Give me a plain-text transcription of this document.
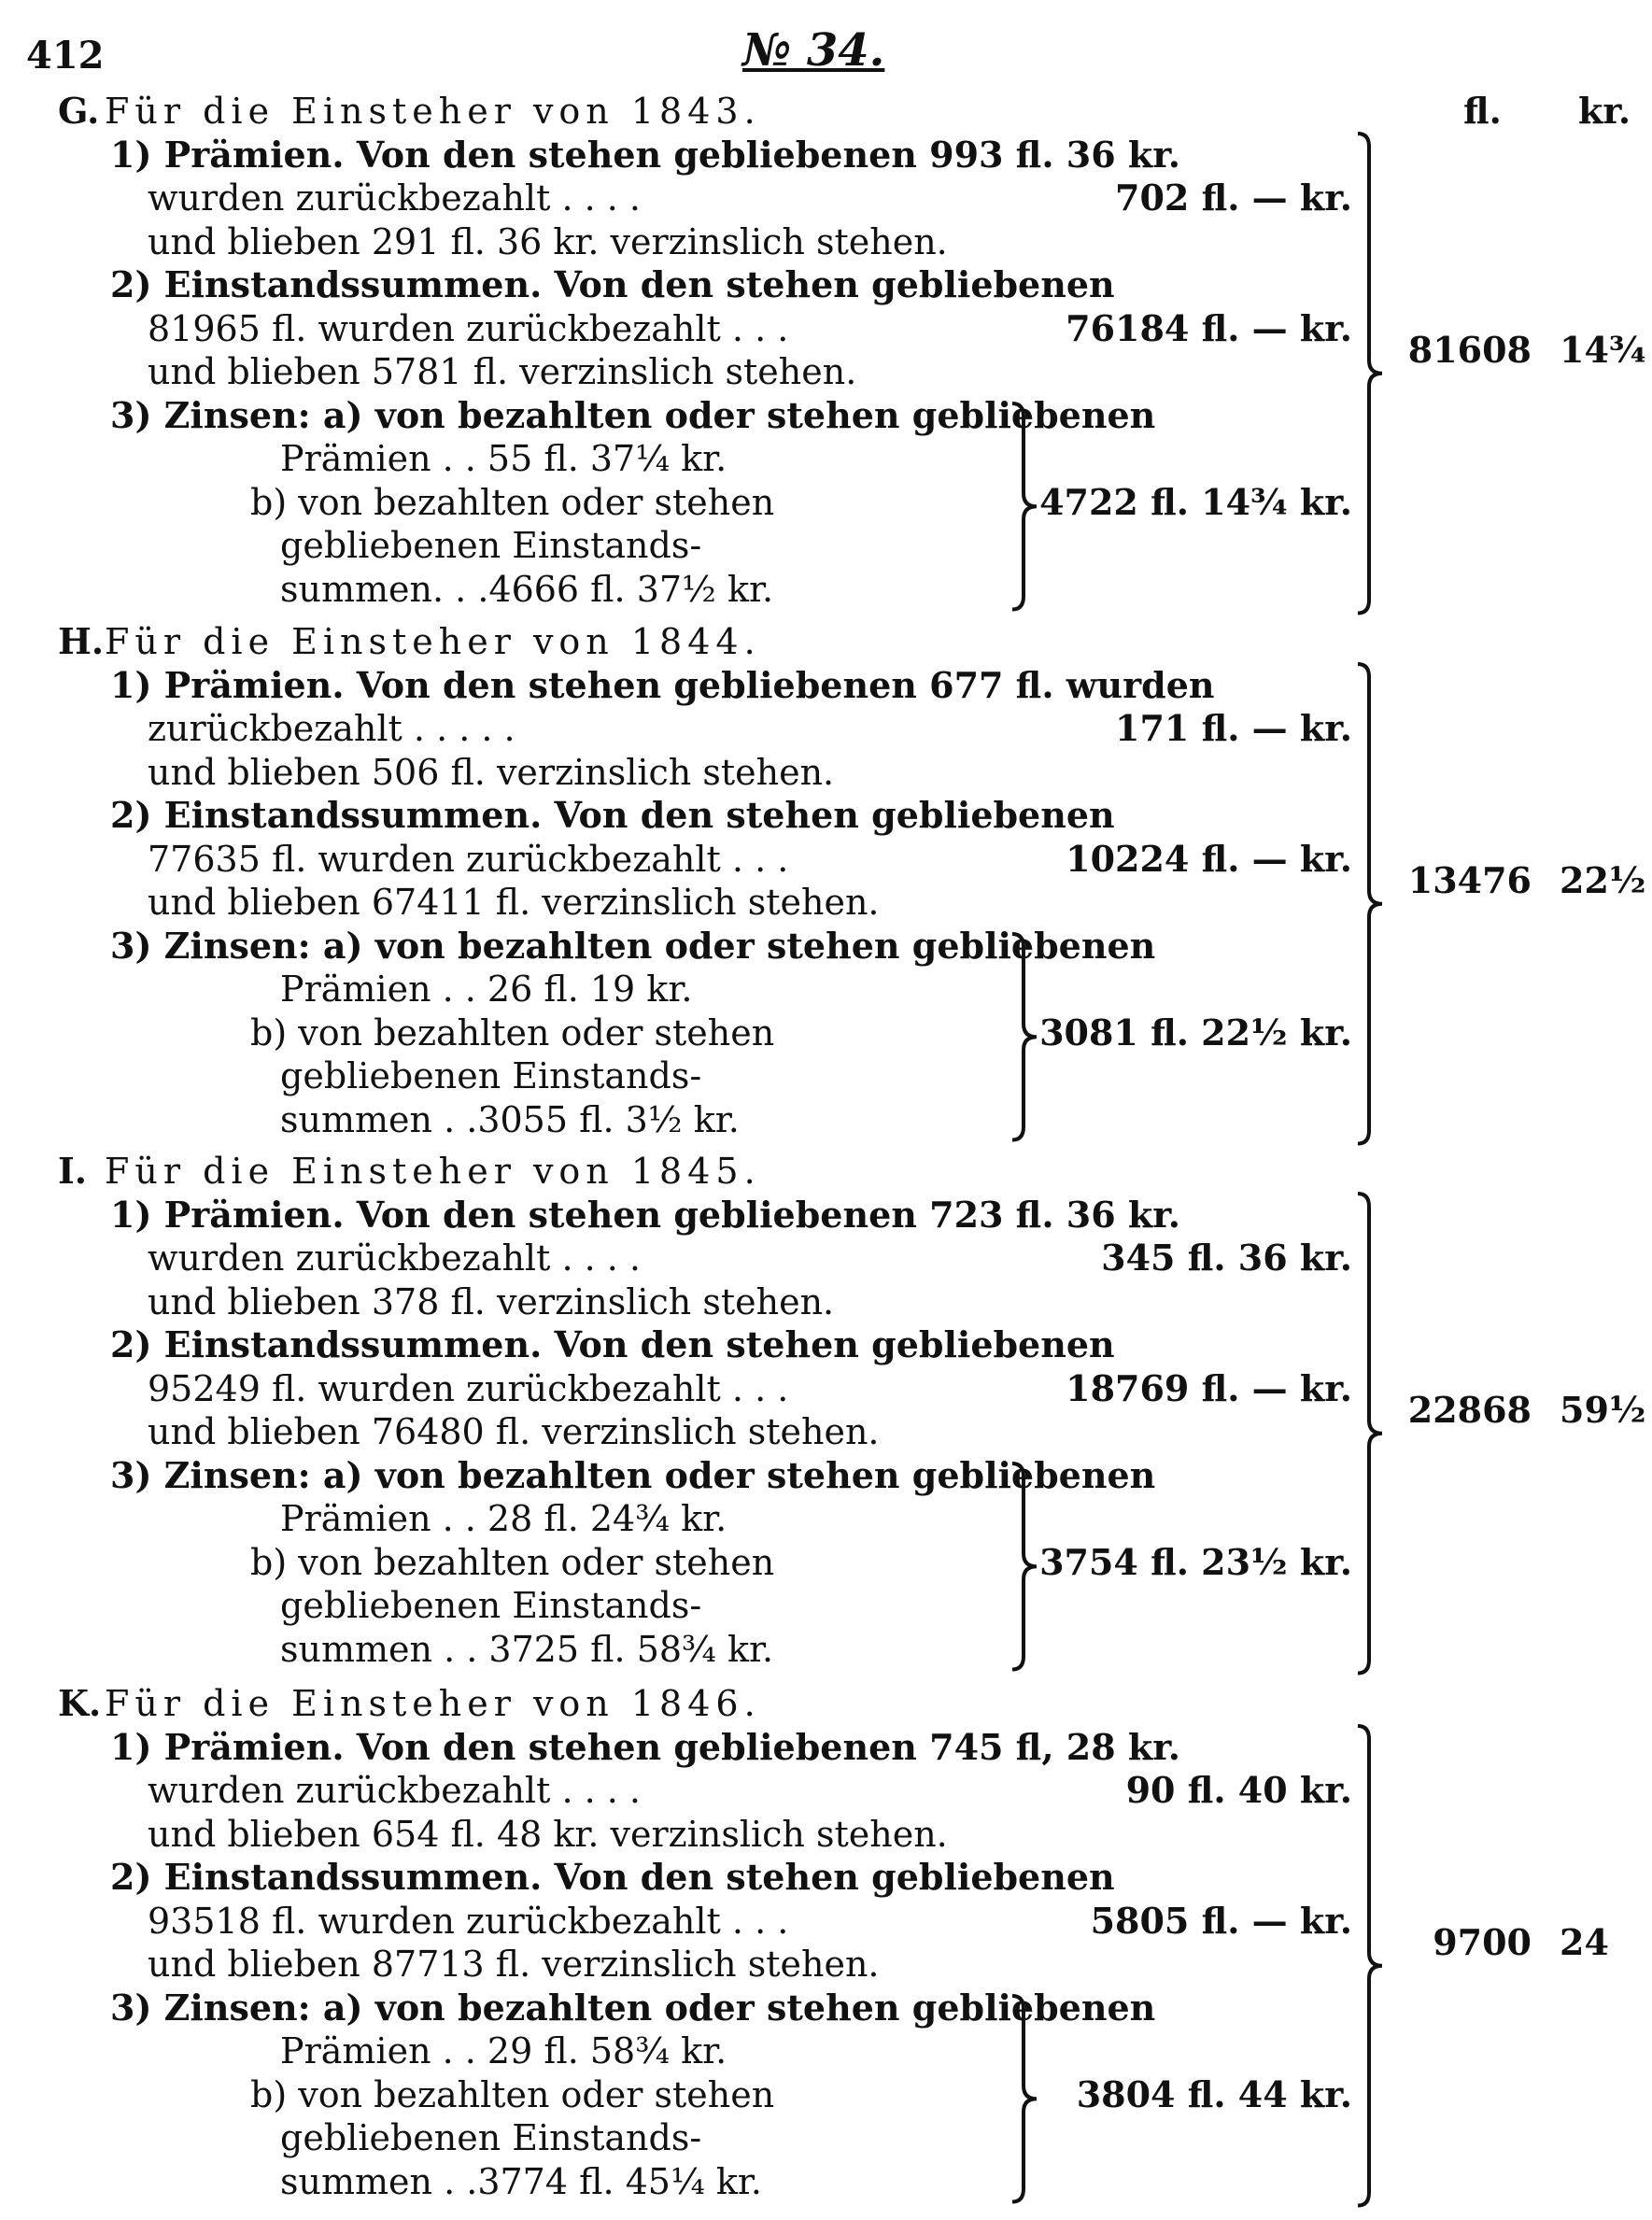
412	№ 34.
fl. kr.
G. Für die Einsteher von 1843.
1) Prämien. Von den stehen gebliebenen 993 fl. 36 kr.
wurden zurückbezahlt . . . .
und blieben 291 fl. 36 kr. verzinslich stehen.
702 fl. — kr.
2) Einstandssummen. Von den stehen gebliebenen
81965 fl. wurden zurückbezahlt . . .
und blieben 5781 fl. verzinslich stehen.
76184 fl. — kr.
3) Zinsen: a) von bezahlten oder stehen gebliebenen
Prämien . . 55 fl. 37¼ kr.
b) von bezahlten oder stehen
gebliebenen Einstands-
summen. . .4666 fl. 37½ kr.
4722 fl. 14¾ kr.
81608 14¾
H. Für die Einsteher von 1844.
1) Prämien. Von den stehen gebliebenen 677 fl. wurden
zurückbezahlt . . . . .
und blieben 506 fl. verzinslich stehen.
171 fl. — kr.
2) Einstandssummen. Von den stehen gebliebenen
77635 fl. wurden zurückbezahlt . . .
und blieben 67411 fl. verzinslich stehen.
10224 fl. — kr.
3) Zinsen: a) von bezahlten oder stehen gebliebenen
Prämien . . 26 fl. 19 kr.
b) von bezahlten oder stehen
gebliebenen Einstands-
summen . .3055 fl. 3½ kr.
3081 fl. 22½ kr.
13476 22½
I. Für die Einsteher von 1845.
1) Prämien. Von den stehen gebliebenen 723 fl. 36 kr.
wurden zurückbezahlt . . . .
und blieben 378 fl. verzinslich stehen.
345 fl. 36 kr.
2) Einstandssummen. Von den stehen gebliebenen
95249 fl. wurden zurückbezahlt . . .
und blieben 76480 fl. verzinslich stehen.
18769 fl. — kr.
3) Zinsen: a) von bezahlten oder stehen gebliebenen
Prämien . . 28 fl. 24¾ kr.
b) von bezahlten oder stehen
gebliebenen Einstands-
summen . . 3725 fl. 58¾ kr.
3754 fl. 23½ kr.
22868 59½
K. Für die Einsteher von 1846.
1) Prämien. Von den stehen gebliebenen 745 fl, 28 kr.
wurden zurückbezahlt . . . .
und blieben 654 fl. 48 kr. verzinslich stehen.
90 fl. 40 kr.
2) Einstandssummen. Von den stehen gebliebenen
93518 fl. wurden zurückbezahlt . . .
und blieben 87713 fl. verzinslich stehen.
5805 fl. — kr.
3) Zinsen: a) von bezahlten oder stehen gebliebenen
Prämien . . 29 fl. 58¾ kr.
b) von bezahlten oder stehen
gebliebenen Einstands-
summen . .3774 fl. 45¼ kr.
3804 fl. 44 kr.
9700 24
